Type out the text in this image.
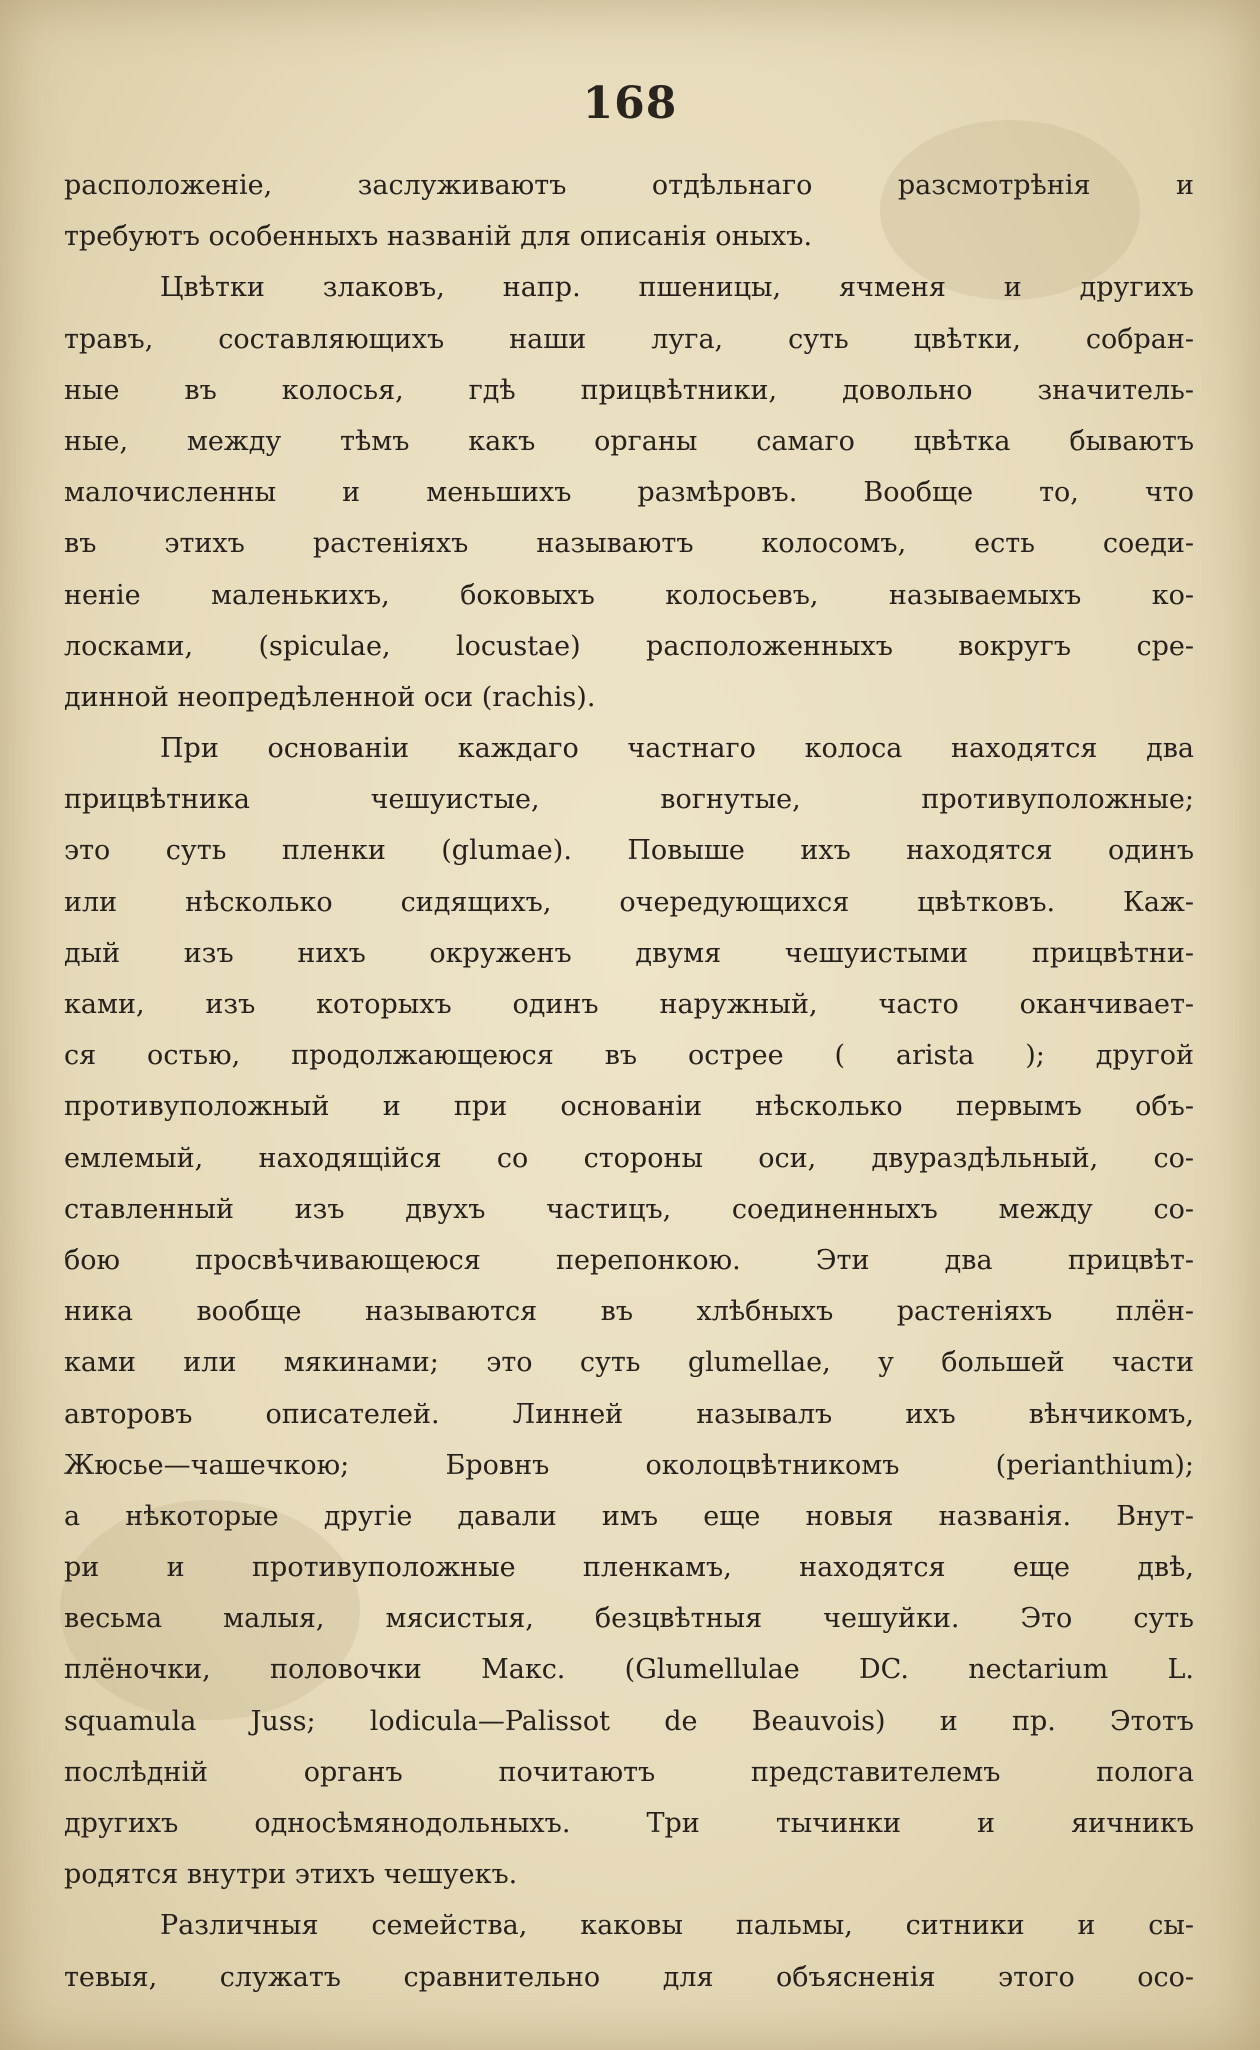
168
расположеніе, заслуживаютъ отдѣльнаго разсмотрѣнія и
требуютъ особенныхъ названій для описанія оныхъ.
Цвѣтки злаковъ, напр. пшеницы, ячменя и другихъ
травъ, составляющихъ наши луга, суть цвѣтки, собран-
ные въ колосья, гдѣ прицвѣтники, довольно значитель-
ные, между тѣмъ какъ органы самаго цвѣтка бываютъ
малочисленны и меньшихъ размѣровъ. Вообще то, что
въ этихъ растеніяхъ называютъ колосомъ, есть соеди-
неніе маленькихъ, боковыхъ колосьевъ, называемыхъ ко-
лосками, (spiculae, locustae) расположенныхъ вокругъ сре-
динной неопредѣленной оси (rachis).
При основаніи каждаго частнаго колоса находятся два
прицвѣтника чешуистые, вогнутые, противуположные;
это суть пленки (glumae). Повыше ихъ находятся одинъ
или нѣсколько сидящихъ, очередующихся цвѣтковъ. Каж-
дый изъ нихъ окруженъ двумя чешуистыми прицвѣтни-
ками, изъ которыхъ одинъ наружный, часто оканчивает-
ся остью, продолжающеюся въ острее ( arista ); другой
противуположный и при основаніи нѣсколько первымъ объ-
емлемый, находящійся со стороны оси, двураздѣльный, со-
ставленный изъ двухъ частицъ, соединенныхъ между со-
бою просвѣчивающеюся перепонкою. Эти два прицвѣт-
ника вообще называются въ хлѣбныхъ растеніяхъ плён-
ками или мякинами; это суть glumellae, у большей части
авторовъ описателей. Линней называлъ ихъ вѣнчикомъ,
Жюсье—чашечкою; Бровнъ околоцвѣтникомъ (perianthium);
а нѣкоторые другіе давали имъ еще новыя названія. Внут-
ри и противуположные пленкамъ, находятся еще двѣ,
весьма малыя, мясистыя, безцвѣтныя чешуйки. Это суть
плёночки, половочки Макс. (Glumellulae DC. nectarium L.
squamula Juss; lodicula—Palissot de Beauvois) и пр. Этотъ
послѣдній органъ почитаютъ представителемъ полога
другихъ односѣмянодольныхъ. Три тычинки и яичникъ
родятся внутри этихъ чешуекъ.
Различныя семейства, каковы пальмы, ситники и сы-
тевыя, служатъ сравнительно для объясненія этого осо-
